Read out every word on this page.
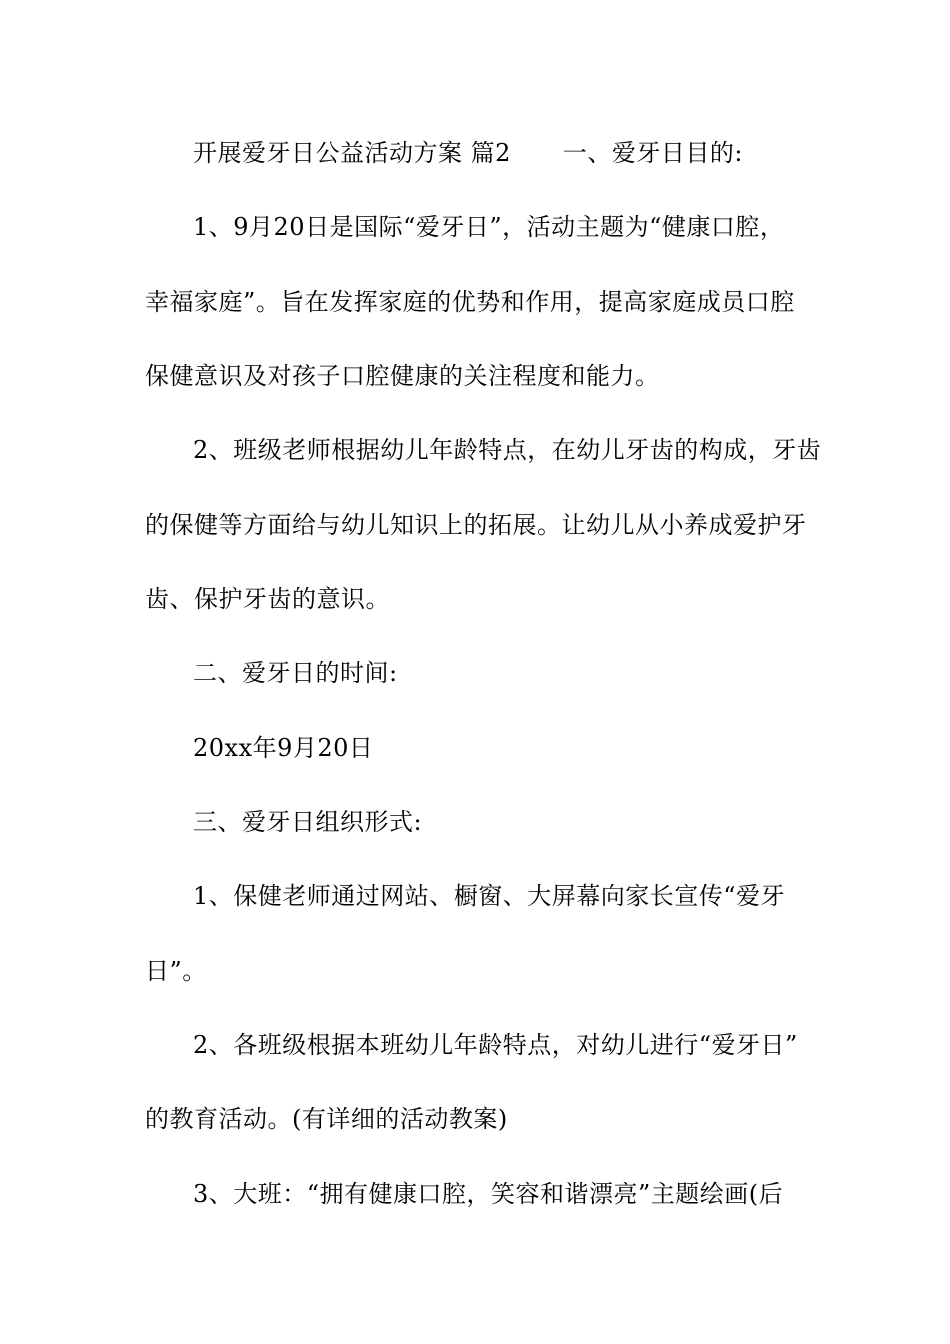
开展爱牙日公益活动方案 篇2 一、爱牙日目的:
1、9月20日是国际“爱牙日”，活动主题为“健康口腔，
幸福家庭”。旨在发挥家庭的优势和作用，提高家庭成员口腔
保健意识及对孩子口腔健康的关注程度和能力。
2、班级老师根据幼儿年龄特点，在幼儿牙齿的构成，牙齿
的保健等方面给与幼儿知识上的拓展。让幼儿从小养成爱护牙
齿、保护牙齿的意识。
二、爱牙日的时间:
20xx年9月20日
三、爱牙日组织形式:
1、保健老师通过网站、橱窗、大屏幕向家长宣传“爱牙
日”。
2、各班级根据本班幼儿年龄特点，对幼儿进行“爱牙日”
的教育活动。(有详细的活动教案)
3、大班：“拥有健康口腔，笑容和谐漂亮”主题绘画(后
